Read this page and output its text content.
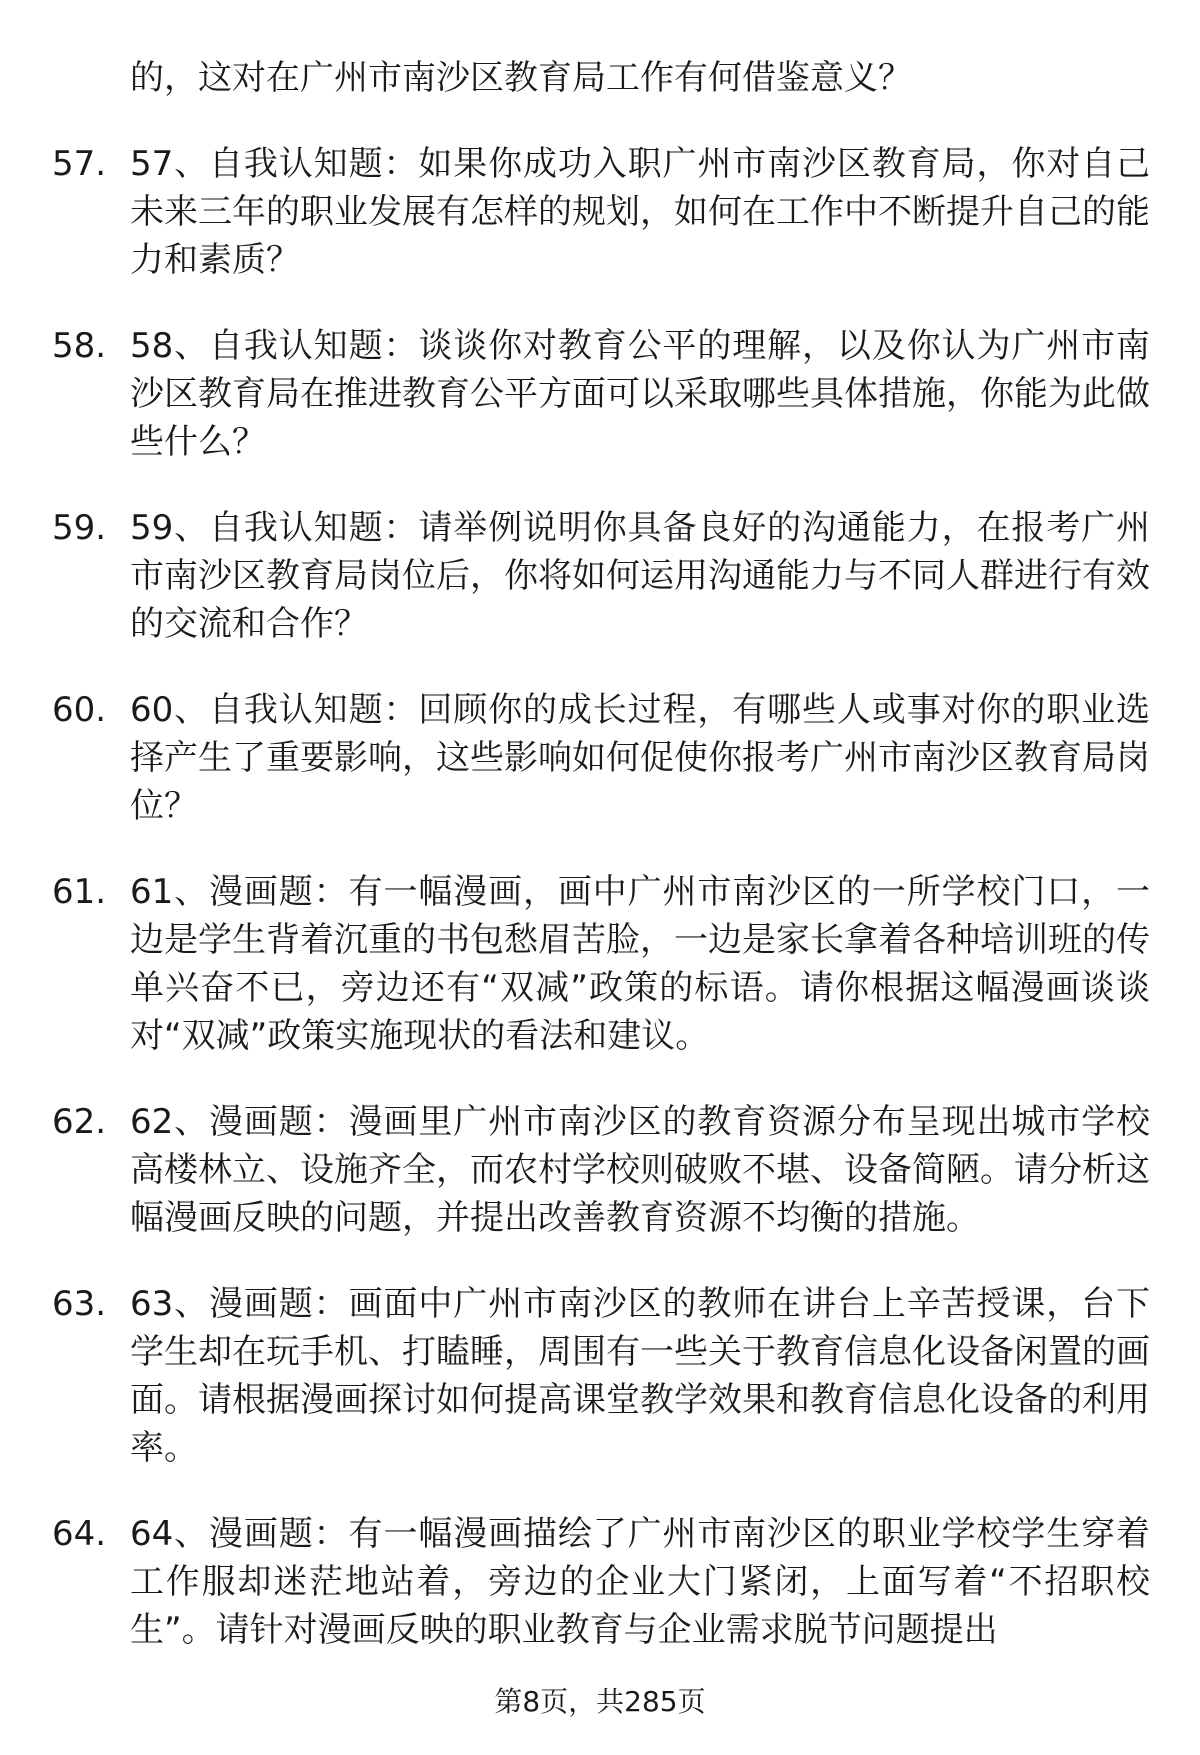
的，这对在广州市南沙区教育局工作有何借鉴意义？
57. 57、自我认知题：如果你成功入职广州市南沙区教育局，你对自己未来三年的职业发展有怎样的规划，如何在工作中不断提升自己的能力和素质？
58. 58、自我认知题：谈谈你对教育公平的理解，以及你认为广州市南沙区教育局在推进教育公平方面可以采取哪些具体措施，你能为此做些什么？
59. 59、自我认知题：请举例说明你具备良好的沟通能力，在报考广州市南沙区教育局岗位后，你将如何运用沟通能力与不同人群进行有效的交流和合作？
60. 60、自我认知题：回顾你的成长过程，有哪些人或事对你的职业选择产生了重要影响，这些影响如何促使你报考广州市南沙区教育局岗位？
61. 61、漫画题：有一幅漫画，画中广州市南沙区的一所学校门口，一边是学生背着沉重的书包愁眉苦脸，一边是家长拿着各种培训班的传单兴奋不已，旁边还有“双减”政策的标语。请你根据这幅漫画谈谈对“双减”政策实施现状的看法和建议。
62. 62、漫画题：漫画里广州市南沙区的教育资源分布呈现出城市学校高楼林立、设施齐全，而农村学校则破败不堪、设备简陋。请分析这幅漫画反映的问题，并提出改善教育资源不均衡的措施。
63. 63、漫画题：画面中广州市南沙区的教师在讲台上辛苦授课，台下学生却在玩手机、打瞌睡，周围有一些关于教育信息化设备闲置的画面。请根据漫画探讨如何提高课堂教学效果和教育信息化设备的利用率。
64. 64、漫画题：有一幅漫画描绘了广州市南沙区的职业学校学生穿着工作服却迷茫地站着，旁边的企业大门紧闭，上面写着“不招职校生”。请针对漫画反映的职业教育与企业需求脱节问题提出
第8页，共285页
